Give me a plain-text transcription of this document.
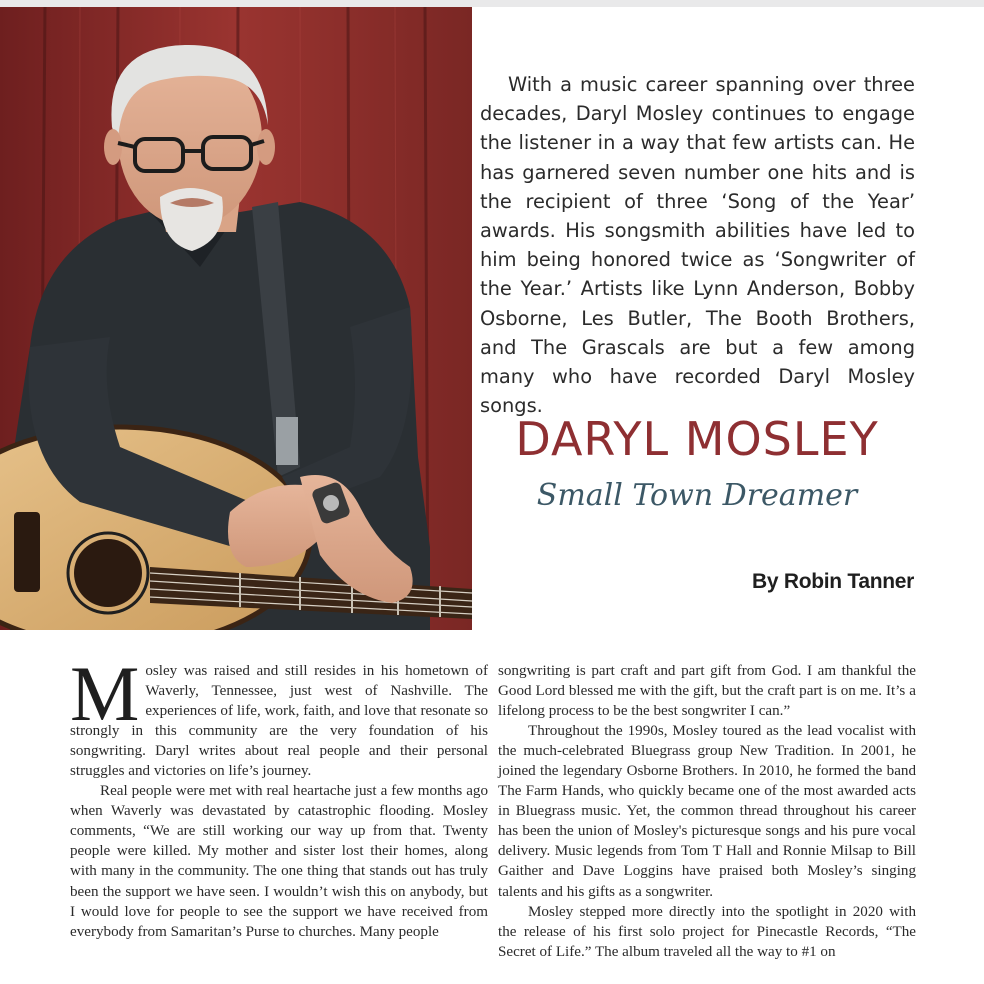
With a music career spanning over three decades, Daryl Mosley continues to engage the listener in a way that few artists can. He has garnered seven number one hits and is the recipient of three ‘Song of the Year’ awards. His songsmith abilities have led to him being honored twice as ‘Songwriter of the Year.’ Artists like Lynn Anderson, Bobby Osborne, Les Butler, The Booth Brothers, and The Grascals are but a few among many who have recorded Daryl Mosley songs.
DARYL MOSLEY
Small Town Dreamer
By Robin Tanner

Mosley was raised and still resides in his hometown of Waverly, Tennessee, just west of Nashville. The experiences of life, work, faith, and love that resonate so strongly in this community are the very foundation of his songwriting. Daryl writes about real people and their personal struggles and victories on life’s journey.

Real people were met with real heartache just a few months ago when Waverly was devastated by catastrophic flooding. Mosley comments, “We are still working our way up from that. Twenty people were killed. My mother and sister lost their homes, along with many in the community. The one thing that stands out has truly been the support we have seen. I wouldn’t wish this on anybody, but I would love for people to see the support we have received from everybody from Samaritan’s Purse to churches. Many people

songwriting is part craft and part gift from God. I am thankful the Good Lord blessed me with the gift, but the craft part is on me. It’s a lifelong process to be the best songwriter I can.”

Throughout the 1990s, Mosley toured as the lead vocalist with the much-celebrated Bluegrass group New Tradition. In 2001, he joined the legendary Osborne Brothers. In 2010, he formed the band The Farm Hands, who quickly became one of the most awarded acts in Bluegrass music. Yet, the common thread throughout his career has been the union of Mosley's picturesque songs and his pure vocal delivery. Music legends from Tom T Hall and Ronnie Milsap to Bill Gaither and Dave Loggins have praised both Mosley’s singing talents and his gifts as a songwriter.

Mosley stepped more directly into the spotlight in 2020 with the release of his first solo project for Pinecastle Records, “The Secret of Life.” The album traveled all the way to #1 on
